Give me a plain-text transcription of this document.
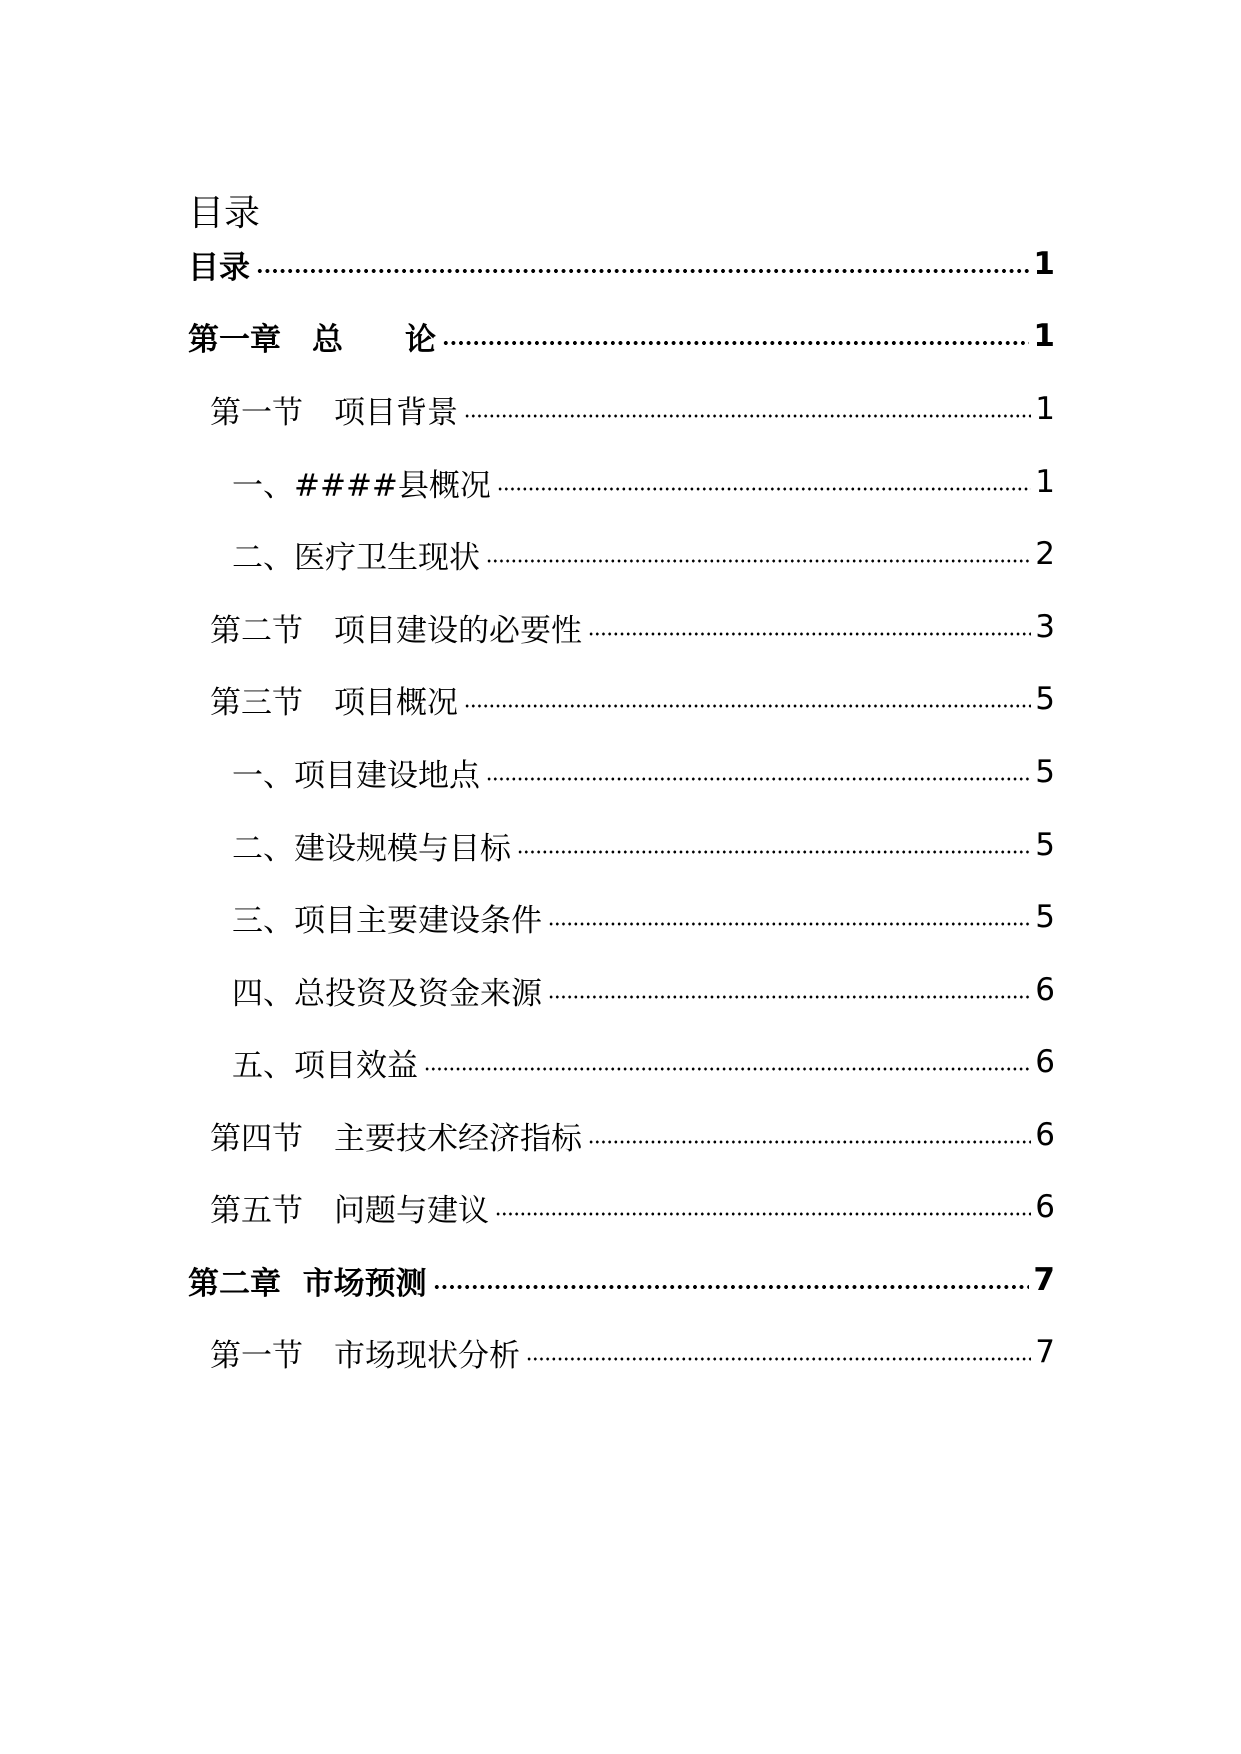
目录
目录	1
第一章　总　　论	1
第一节　项目背景	1
一、####县概况	1
二、医疗卫生现状	2
第二节　项目建设的必要性	3
第三节　项目概况	5
一、项目建设地点	5
二、建设规模与目标	5
三、项目主要建设条件	5
四、总投资及资金来源	6
五、项目效益	6
第四节　主要技术经济指标	6
第五节　问题与建议	6
第二章  市场预测	7
第一节　市场现状分析	7
